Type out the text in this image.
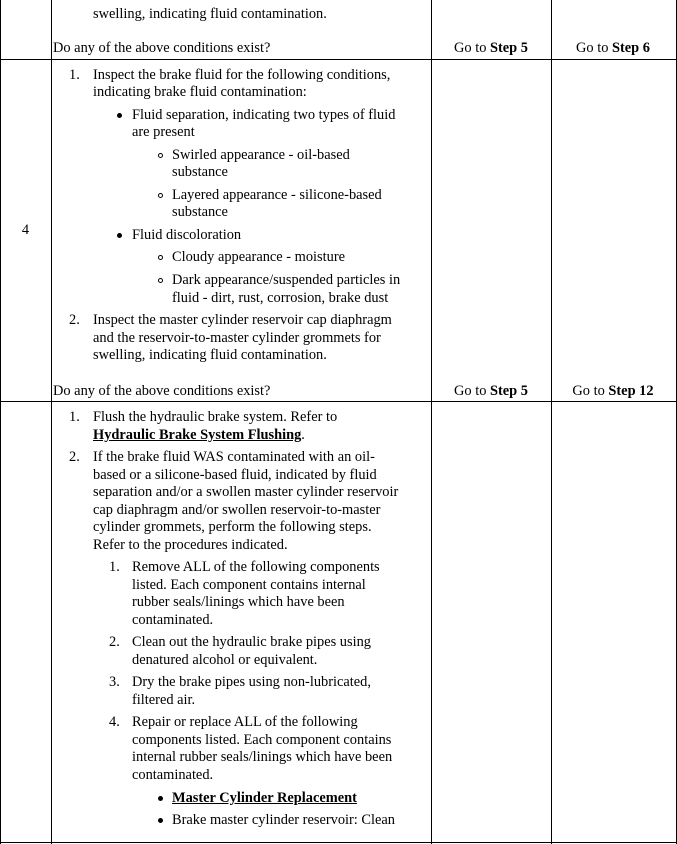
swelling, indicating fluid contamination.
Do any of the above conditions exist?	Go to Step 5	Go to Step 6
4
1. Inspect the brake fluid for the following conditions,
indicating brake fluid contamination:
Fluid separation, indicating two types of fluid
are present
Swirled appearance - oil-based
substance
Layered appearance - silicone-based
substance
Fluid discoloration
Cloudy appearance - moisture
Dark appearance/suspended particles in
fluid - dirt, rust, corrosion, brake dust
2. Inspect the master cylinder reservoir cap diaphragm
and the reservoir-to-master cylinder grommets for
swelling, indicating fluid contamination.
Do any of the above conditions exist?	Go to Step 5	Go to Step 12
1. Flush the hydraulic brake system. Refer to
Hydraulic Brake System Flushing.
2. If the brake fluid WAS contaminated with an oil-
based or a silicone-based fluid, indicated by fluid
separation and/or a swollen master cylinder reservoir
cap diaphragm and/or swollen reservoir-to-master
cylinder grommets, perform the following steps.
Refer to the procedures indicated.
1. Remove ALL of the following components
listed. Each component contains internal
rubber seals/linings which have been
contaminated.
2. Clean out the hydraulic brake pipes using
denatured alcohol or equivalent.
3. Dry the brake pipes using non-lubricated,
filtered air.
4. Repair or replace ALL of the following
components listed. Each component contains
internal rubber seals/linings which have been
contaminated.
Master Cylinder Replacement
Brake master cylinder reservoir: Clean
